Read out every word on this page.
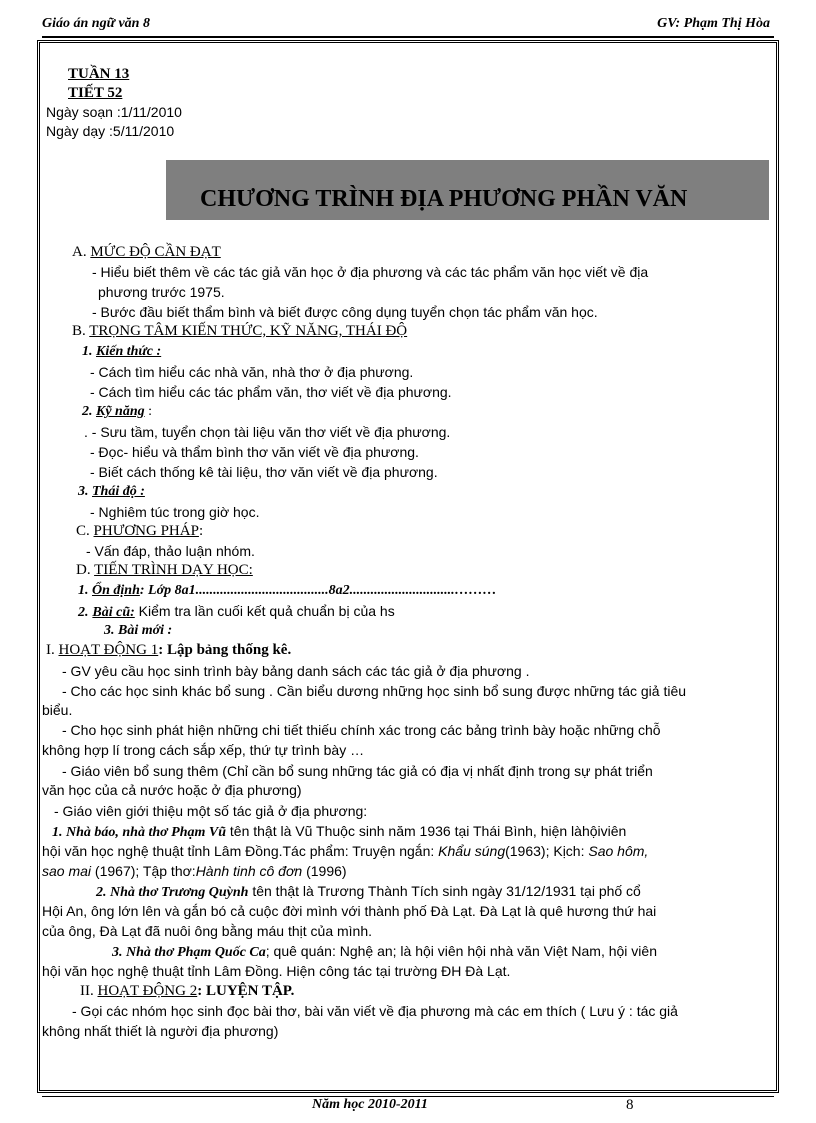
Giáo án ngữ văn 8	GV: Phạm Thị Hòa
TUẦN 13
TIẾT 52
Ngày soạn :1/11/2010
Ngày dạy :5/11/2010
CHƯƠNG TRÌNH ĐỊA PHƯƠNG PHẦN VĂN
A. MỨC ĐỘ CẦN ĐẠT
- Hiểu biết thêm về các tác giả văn học ở địa phương và các tác phẩm văn học viết về địa
phương trước 1975.
- Bước đầu biết thẩm bình và biết được công dụng tuyển chọn tác phẩm văn học.
B. TRỌNG TÂM KIẾN THỨC, KỸ NĂNG, THÁI ĐỘ
1. Kiến thức :
- Cách tìm hiểu các nhà văn, nhà thơ ở địa phương.
- Cách tìm hiểu các tác phẩm văn, thơ viết về địa phương.
2. Kỹ năng :
. - Sưu tầm, tuyển chọn tài liệu văn thơ viết về địa phương.
- Đọc- hiểu và thẩm bình thơ văn viết về địa phương.
- Biết cách thống kê tài liệu, thơ văn viết về địa phương.
3. Thái độ :
- Nghiêm túc trong giờ học.
C. PHƯƠNG PHÁP:
- Vấn đáp, thảo luận nhóm.
D. TIẾN TRÌNH DẠY HỌC:
1. Ổn định: Lớp 8a1......................................8a2..............................………
2. Bài cũ: Kiểm tra lần cuối kết quả chuẩn bị của hs
3. Bài mới :
I. HOẠT ĐỘNG 1: Lập bảng thống kê.
- GV yêu cầu học sinh trình bày bảng danh sách các tác giả ở địa phương .
- Cho các học sinh khác bổ sung . Cần biểu dương những học sinh bổ sung được những tác giả tiêu
biểu.
- Cho học sinh phát hiện những chi tiết thiếu chính xác trong các bảng trình bày hoặc những chỗ
không hợp lí trong cách sắp xếp, thứ tự trình bày …
- Giáo viên bổ sung thêm (Chỉ cần bổ sung những tác giả có địa vị nhất định trong sự phát triển
văn học của cả nước hoặc ở địa phương)
- Giáo viên giới thiệu một số tác giả ở địa phương:
1. Nhà báo, nhà thơ Phạm Vũ tên thật là Vũ Thuộc sinh năm 1936 tại Thái Bình, hiện làhộiviên
hội văn học nghệ thuật tỉnh Lâm Đồng.Tác phẩm: Truyện ngắn: Khẩu súng(1963); Kịch: Sao hôm,
sao mai (1967); Tập thơ:Hành tinh cô đơn (1996)
2. Nhà thơ Trương Quỳnh tên thật là Trương Thành Tích sinh ngày 31/12/1931 tại phố cổ
Hội An, ông lớn lên và gắn bó cả cuộc đời mình với thành phố Đà Lạt. Đà Lạt là quê hương thứ hai
của ông, Đà Lạt đã nuôi ông bằng máu thịt của mình.
3. Nhà thơ Phạm Quốc Ca; quê quán: Nghệ an; là hội viên hội nhà văn Việt Nam, hội viên
hội văn học nghệ thuật tỉnh Lâm Đồng. Hiện công tác tại trường ĐH Đà Lạt.
II. HOẠT ĐỘNG 2: LUYỆN TẬP.
- Gọi các nhóm học sinh đọc bài thơ, bài văn viết về địa phương mà các em thích ( Lưu ý : tác giả
không nhất thiết là người địa phương)
Năm học 2010-2011	8
